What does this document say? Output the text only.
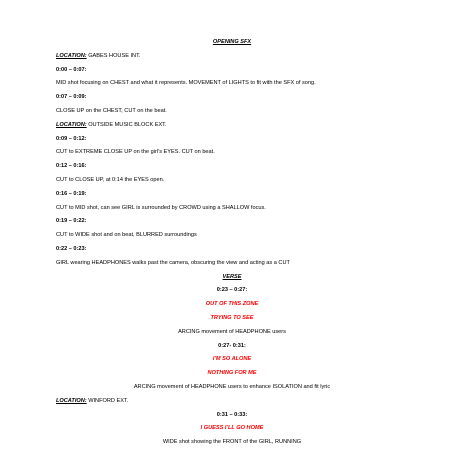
OPENING SFX
LOCATION: GABES HOUSE INT.
0:00 – 0:07:
MID shot focusing on CHEST and what it represents. MOVEMENT of LIGHTS to fit with the SFX of song.
0:07 – 0:09:
CLOSE UP on the CHEST, CUT on the beat.
LOCATION: OUTSIDE MUSIC BLOCK EXT.
0:09 – 0:12:
CUT to EXTREME CLOSE UP on the girl’s EYES. CUT on beat.
0:12 – 0:16:
CUT to CLOSE UP, at 0:14 the EYES open.
0:16 – 0:19:
CUT to MID shot, can see GIRL is surrounded by CROWD using a SHALLOW focus.
0:19 – 0:22:
CUT to WIDE shot and on beat, BLURRED surroundings
0:22 – 0:23:
GIRL wearing HEADPHONES walks past the camera, obscuring the view and acting as a CUT
VERSE
0:23 – 0:27:
OUT OF THIS ZONE
TRYING TO SEE
ARCING movement of HEADPHONE users
0:27- 0:31:
I’M SO ALONE
NOTHING FOR ME
ARCING movement of HEADPHONE users to enhance ISOLATION and fit lyric
LOCATION: WINFORD EXT.
0:31 – 0:33:
I GUESS I’LL GO HOME
WIDE shot showing the FRONT of the GIRL, RUNNING
